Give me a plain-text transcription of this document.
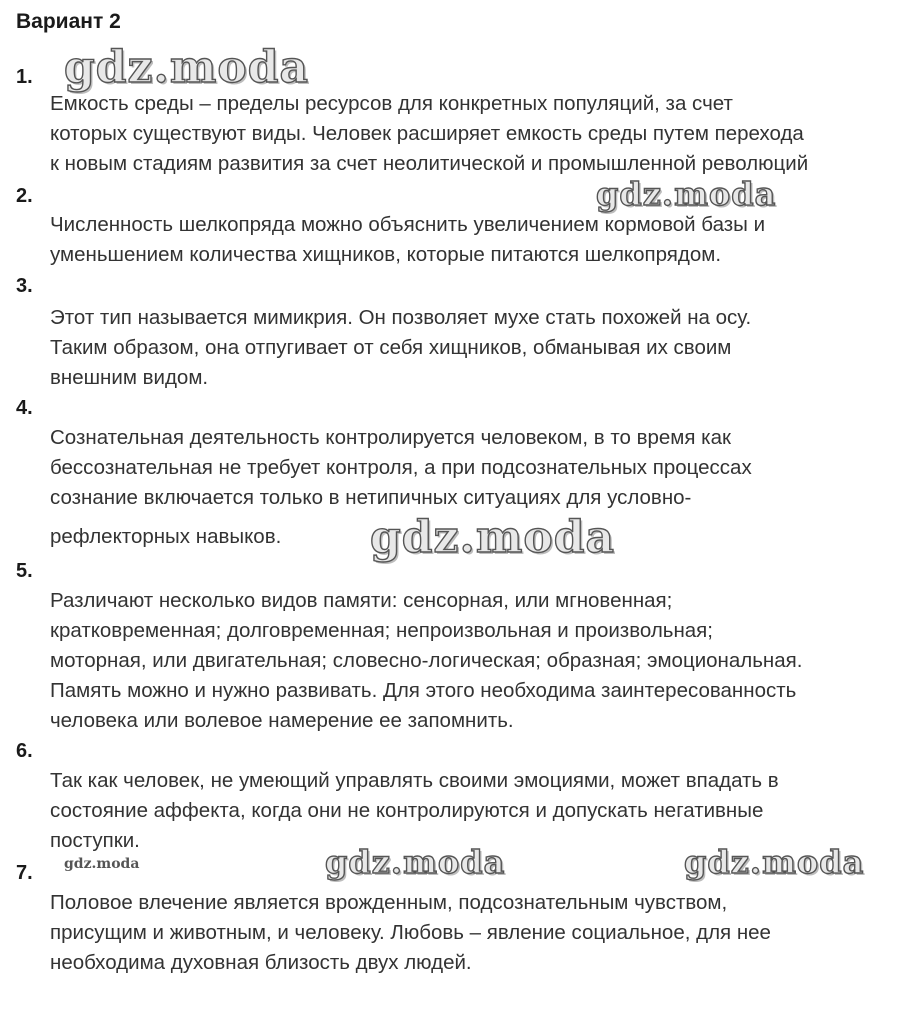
Вариант 2
1.
Емкость среды – пределы ресурсов для конкретных популяций, за счет
которых существуют виды. Человек расширяет емкость среды путем перехода
к новым стадиям развития за счет неолитической и промышленной революций
2.
Численность шелкопряда можно объяснить увеличением кормовой базы и
уменьшением количества хищников, которые питаются шелкопрядом.
3.
Этот тип называется мимикрия. Он позволяет мухе стать похожей на осу.
Таким образом, она отпугивает от себя хищников, обманывая их своим
внешним видом.
4.
Сознательная деятельность контролируется человеком, в то время как
бессознательная не требует контроля, а при подсознательных процессах
сознание включается только в нетипичных ситуациях для условно-
рефлекторных навыков.
5.
Различают несколько видов памяти: сенсорная, или мгновенная;
кратковременная; долговременная; непроизвольная и произвольная;
моторная, или двигательная; словесно-логическая; образная; эмоциональная.
Память можно и нужно развивать. Для этого необходима заинтересованность
человека или волевое намерение ее запомнить.
6.
Так как человек, не умеющий управлять своими эмоциями, может впадать в
состояние аффекта, когда они не контролируются и допускать негативные
поступки.
7.
Половое влечение является врожденным, подсознательным чувством,
присущим и животным, и человеку. Любовь – явление социальное, для нее
необходима духовная близость двух людей.
gdz.moda
gdz.moda
gdz.moda
gdz.moda	gdz.moda	gdz.moda
